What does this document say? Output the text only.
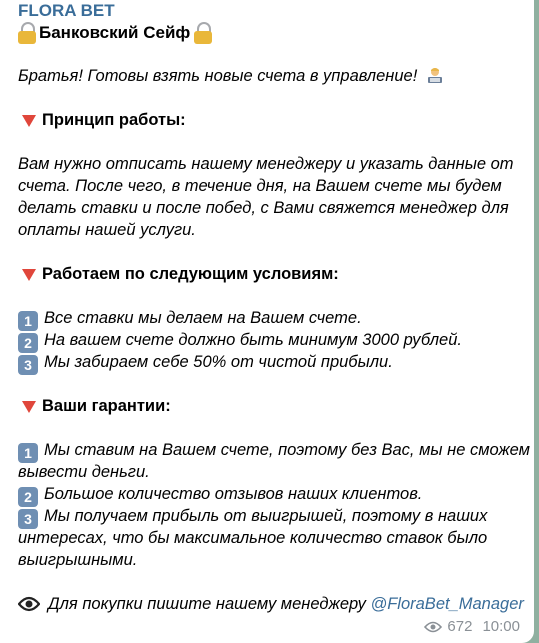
FLORA BET
Банковский Сейф
Братья! Готовы взять новые счета в управление!
Принцип работы:
Вам нужно отписать нашему менеджеру и указать данные от
счета. После чего, в течение дня, на Вашем счете мы будем
делать ставки и после побед, с Вами свяжется менеджер для
оплаты нашей услуги.
Работаем по следующим условиям:
1 Все ставки мы делаем на Вашем счете.
2 На вашем счете должно быть минимум 3000 рублей.
3 Мы забираем себе 50% от чистой прибыли.
Ваши гарантии:
1 Мы ставим на Вашем счете, поэтому без Вас, мы не сможем
вывести деньги.
2 Большое количество отзывов наших клиентов.
3 Мы получаем прибыль от выигрышей, поэтому в наших
интересах, что бы максимальное количество ставок было
выигрышными.
Для покупки пишите нашему менеджеру @FloraBet_Manager
672 10:00
